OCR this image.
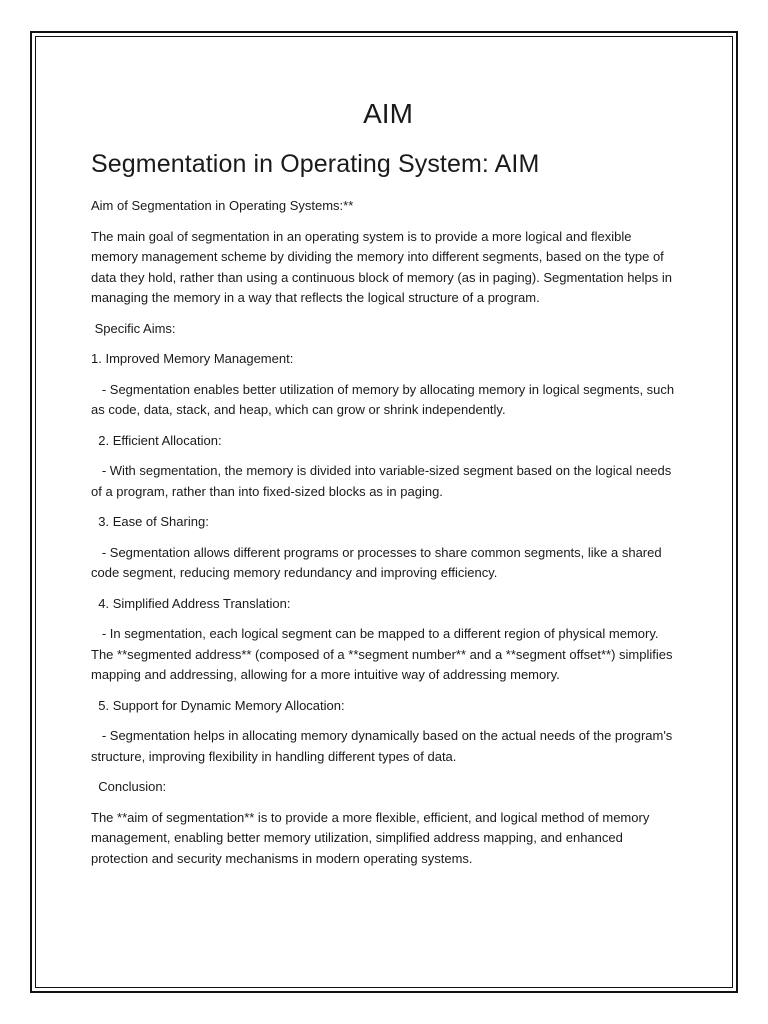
AIM
Segmentation in Operating System: AIM

Aim of Segmentation in Operating Systems:**

The main goal of segmentation in an operating system is to provide a more logical and flexible memory management scheme by dividing the memory into different segments, based on the type of data they hold, rather than using a continuous block of memory (as in paging). Segmentation helps in managing the memory in a way that reflects the logical structure of a program.

Specific Aims:

1. Improved Memory Management:

- Segmentation enables better utilization of memory by allocating memory in logical segments, such as code, data, stack, and heap, which can grow or shrink independently.

2. Efficient Allocation:

- With segmentation, the memory is divided into variable-sized segment based on the logical needs of a program, rather than into fixed-sized blocks as in paging.

3. Ease of Sharing:

- Segmentation allows different programs or processes to share common segments, like a shared code segment, reducing memory redundancy and improving efficiency.

4. Simplified Address Translation:

- In segmentation, each logical segment can be mapped to a different region of physical memory. The **segmented address** (composed of a **segment number** and a **segment offset**) simplifies mapping and addressing, allowing for a more intuitive way of addressing memory.

5. Support for Dynamic Memory Allocation:

- Segmentation helps in allocating memory dynamically based on the actual needs of the program's structure, improving flexibility in handling different types of data.

Conclusion:

The **aim of segmentation** is to provide a more flexible, efficient, and logical method of memory management, enabling better memory utilization, simplified address mapping, and enhanced protection and security mechanisms in modern operating systems.
